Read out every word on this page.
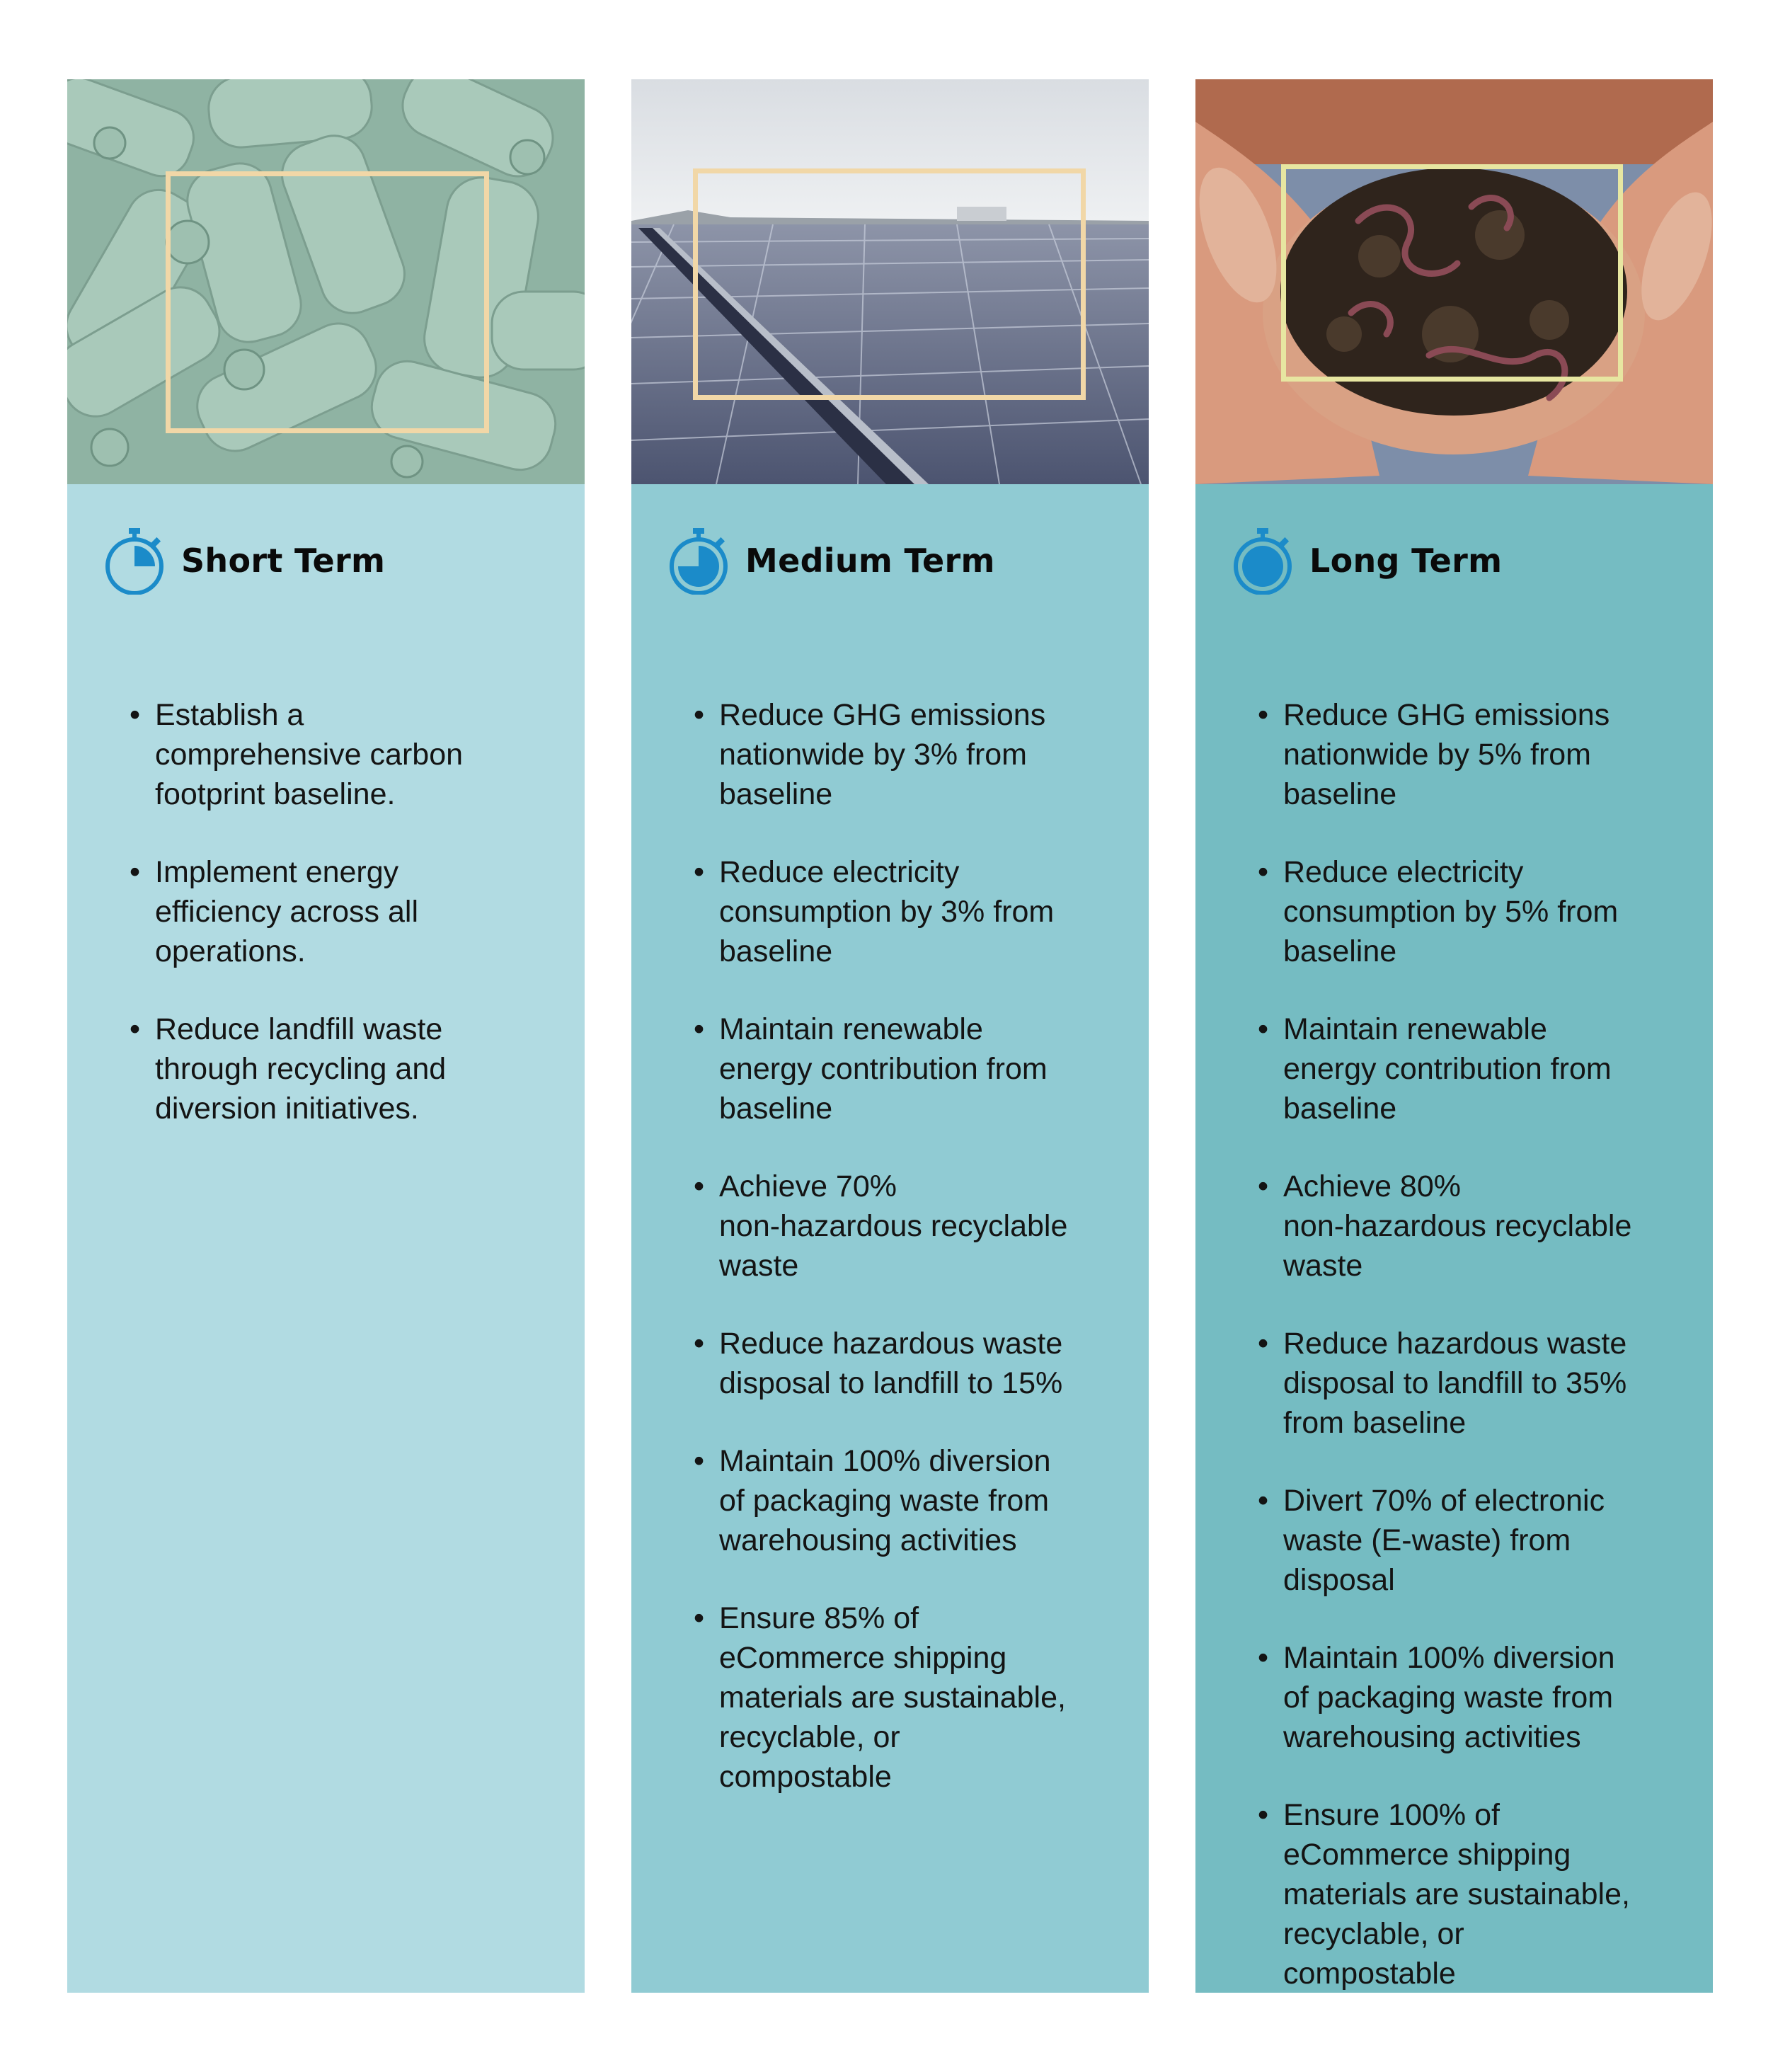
Short Term
• Establish a
comprehensive carbon
footprint baseline.
• Implement energy
efficiency across all
operations.
• Reduce landfill waste
through recycling and
diversion initiatives.
Medium Term
• Reduce GHG emissions
nationwide by 3% from
baseline
• Reduce electricity
consumption by 3% from
baseline
• Maintain renewable
energy contribution from
baseline
• Achieve 70%
non-hazardous recyclable
waste
• Reduce hazardous waste
disposal to landfill to 15%
• Maintain 100% diversion
of packaging waste from
warehousing activities
• Ensure 85% of
eCommerce shipping
materials are sustainable,
recyclable, or
compostable
Long Term
• Reduce GHG emissions
nationwide by 5% from
baseline
• Reduce electricity
consumption by 5% from
baseline
• Maintain renewable
energy contribution from
baseline
• Achieve 80%
non-hazardous recyclable
waste
• Reduce hazardous waste
disposal to landfill to 35%
from baseline
• Divert 70% of electronic
waste (E-waste) from
disposal
• Maintain 100% diversion
of packaging waste from
warehousing activities
• Ensure 100% of
eCommerce shipping
materials are sustainable,
recyclable, or
compostable
